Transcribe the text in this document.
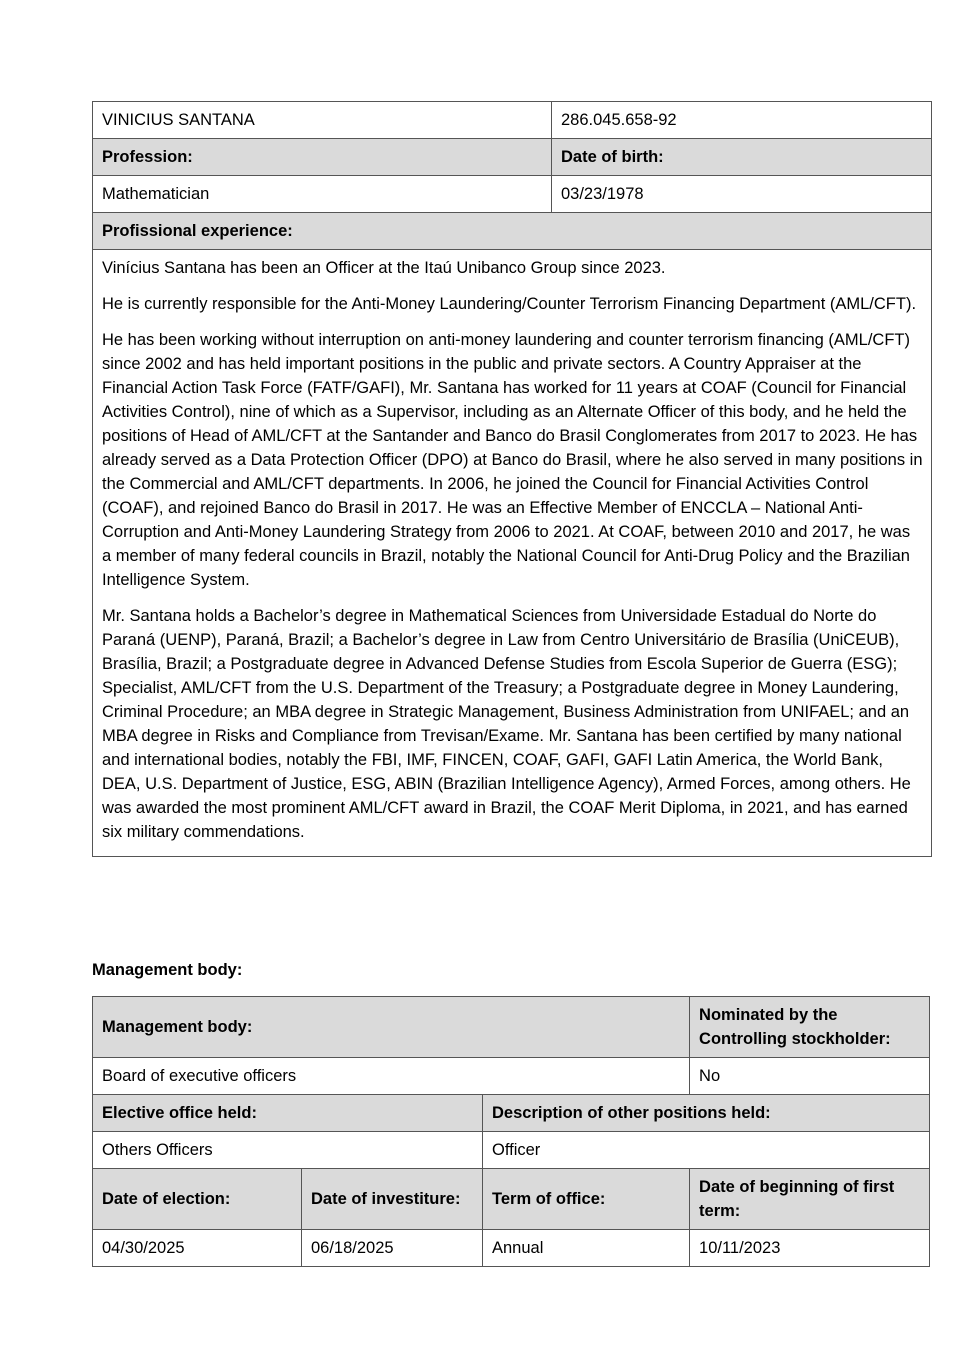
VINICIUS SANTANA	286.045.658-92
Profession:	Date of birth:
Mathematician	03/23/1978
Profissional experience:	

Vinícius Santana has been an Officer at the Itaú Unibanco Group since 2023.

He is currently responsible for the Anti-Money Laundering/Counter Terrorism Financing Department (AML/CFT).

He has been working without interruption on anti-money laundering and counter terrorism financing (AML/CFT) since 2002 and has held important positions in the public and private sectors. A Country Appraiser at the Financial Action Task Force (FATF/GAFI), Mr. Santana has worked for 11 years at COAF (Council for Financial Activities Control), nine of which as a Supervisor, including as an Alternate Officer of this body, and he held the positions of Head of AML/CFT at the Santander and Banco do Brasil Conglomerates from 2017 to 2023. He has already served as a Data Protection Officer (DPO) at Banco do Brasil, where he also served in many positions in the Commercial and AML/CFT departments. In 2006, he joined the Council for Financial Activities Control (COAF), and rejoined Banco do Brasil in 2017. He was an Effective Member of ENCCLA – National Anti-Corruption and Anti-Money Laundering Strategy from 2006 to 2021. At COAF, between 2010 and 2017, he was a member of many federal councils in Brazil, notably the National Council for Anti-Drug Policy and the Brazilian Intelligence System.

Mr. Santana holds a Bachelor’s degree in Mathematical Sciences from Universidade Estadual do Norte do Paraná (UENP), Paraná, Brazil; a Bachelor’s degree in Law from Centro Universitário de Brasília (UniCEUB), Brasília, Brazil; a Postgraduate degree in Advanced Defense Studies from Escola Superior de Guerra (ESG); Specialist, AML/CFT from the U.S. Department of the Treasury; a Postgraduate degree in Money Laundering, Criminal Procedure; an MBA degree in Strategic Management, Business Administration from UNIFAEL; and an MBA degree in Risks and Compliance from Trevisan/Exame. Mr. Santana has been certified by many national and international bodies, notably the FBI, IMF, FINCEN, COAF, GAFI, GAFI Latin America, the World Bank, DEA, U.S. Department of Justice, ESG, ABIN (Brazilian Intelligence Agency), Armed Forces, among others. He was awarded the most prominent AML/CFT award in Brazil, the COAF Merit Diploma, in 2021, and has earned six military commendations.	

Management body:

Management body:			Nominated by the Controlling stockholder:
Board of executive officers			No
Elective office held:		Description of other positions held:	
Others Officers		Officer	
Date of election:	Date of investiture:	Term of office:	Date of beginning of first term:
04/30/2025	06/18/2025	Annual	10/11/2023
